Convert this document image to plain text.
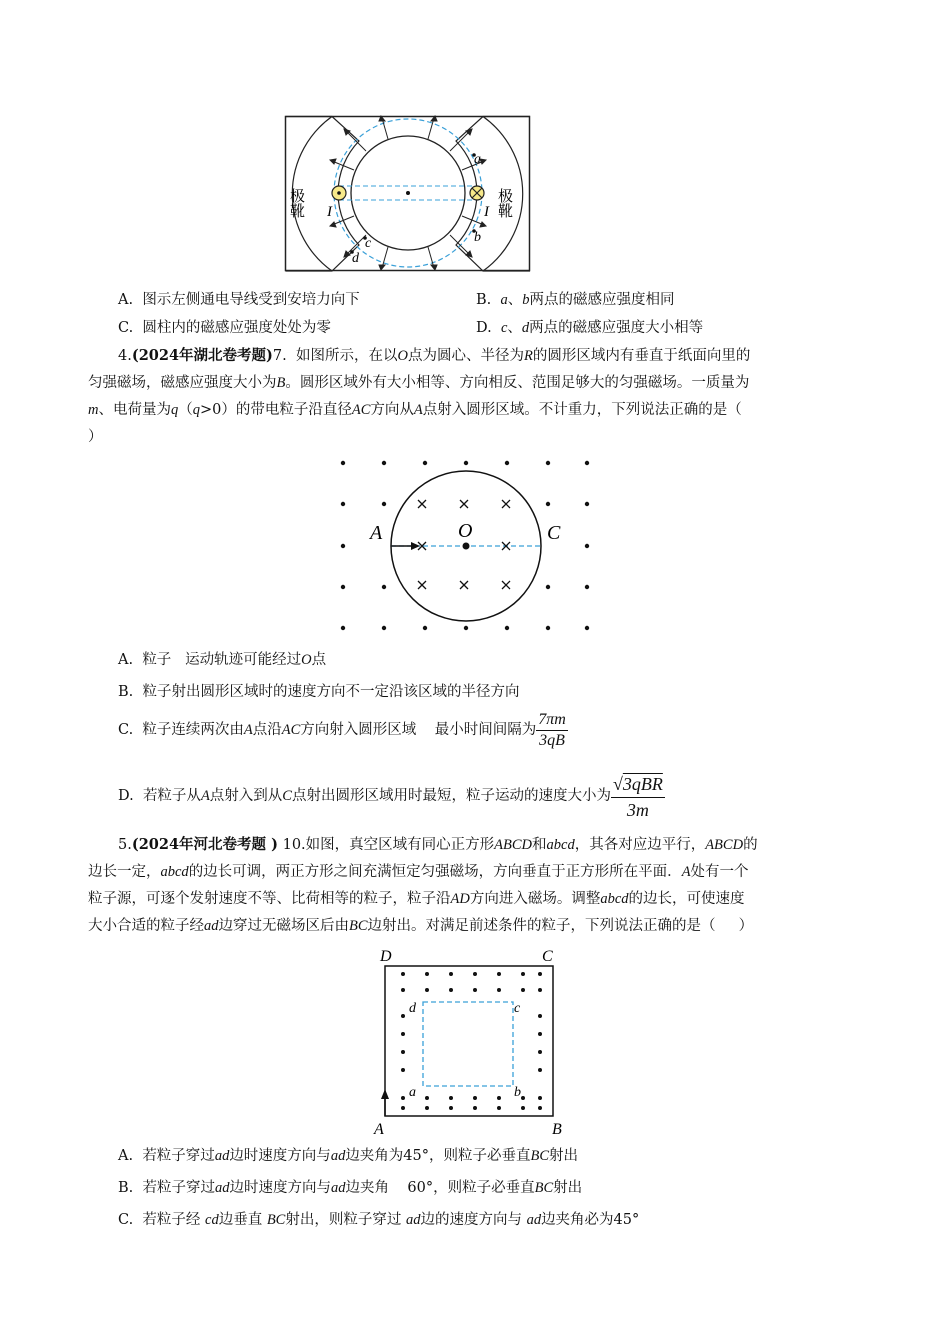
极靴	极靴
a
b
c
d
I	I
A. 图示左侧通电导线受到安培力向下	B. a、b两点的磁感应强度相同
C. 圆柱内的磁感应强度处处为零	D. c、d两点的磁感应强度大小相等
4.(2024年湖北卷考题)7. 如图所示，在以O点为圆心、半径为R的圆形区域内有垂直于纸面向里的
匀强磁场，磁感应强度大小为B。圆形区域外有大小相等、方向相反、范围足够大的匀强磁场。一质量为
m、电荷量为q（q>0）的带电粒子沿直径AC方向从A点射入圆形区域。不计重力，下列说法正确的是（
）
A	O	C
A. 粒子 运动轨迹可能经过O点
B. 粒子射出圆形区域时的速度方向不一定沿该区域的半径方向
C.
粒子连续两次由 A 点沿 AC 方向射入圆形区域
最小时间间隔为 $\frac{7\pi m}{3qB}$
D.
若粒子从 A 点射入到从 C 点射出圆形区域用时最短，粒子运动的速度大小为 $\frac{\text{√3qBR}}{3m}$
5.(2024年河北卷考题 ) 10.如图，真空区域有同心正方形ABCD和abcd，其各对应边平行，ABCD的
边长一定，abcd的边长可调，两正方形之间充满恒定匀强磁场，方向垂直于正方形所在平面．A处有一个
粒子源，可逐个发射速度不等、比荷相等的粒子，粒子沿AD方向进入磁场。调整abcd的边长，可使速度
大小合适的粒子经ad边穿过无磁场区后由BC边射出。对满足前述条件的粒子，下列说法正确的是（ ）
D	C
A	B
d	c
a	b
A. 若粒子穿过ad边时速度方向与ad边夹角为45°，则粒子必垂直BC射出
B. 若粒子穿过ad边时速度方向与ad边夹角 60°，则粒子必垂直BC射出
C. 若粒子经 cd边垂直 BC射出，则粒子穿过 ad边的速度方向与 ad边夹角必为45°
